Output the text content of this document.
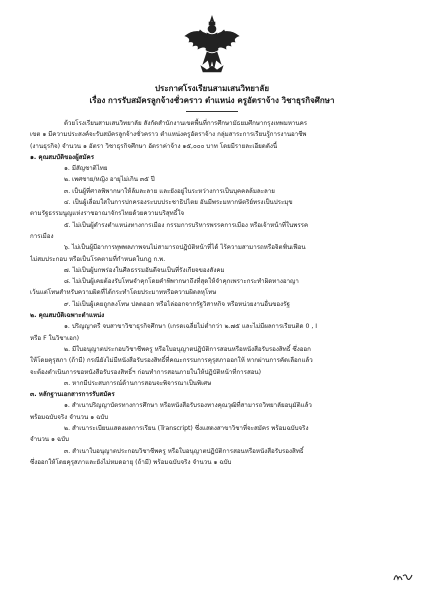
ประกาศโรงเรียนสามเสนวิทยาลัย
เรื่อง การรับสมัครลูกจ้างชั่วคราว ตำแหน่ง ครูอัตราจ้าง วิชาธุรกิจศึกษา
ด้วยโรงเรียนสามเสนวิทยาลัย สังกัดสำนักงานเขตพื้นที่การศึกษามัธยมศึกษากรุงเทพมหานคร
เขต ๑ มีความประสงค์จะรับสมัครลูกจ้างชั่วคราว ตำแหน่งครูอัตราจ้าง กลุ่มสาระการเรียนรู้การงานอาชีพ
(งานธุรกิจ) จำนวน ๑ อัตรา วิชาธุรกิจศึกษา อัตราค่าจ้าง ๑๕,๐๐๐ บาท โดยมีรายละเอียดดังนี้
๑. คุณสมบัติของผู้สมัคร
๑. มีสัญชาติไทย
๒. เพศชาย/หญิง อายุไม่เกิน ๓๕ ปี
๓. เป็นผู้ที่ศาลพิพากษาให้ล้มละลาย และยังอยู่ในระหว่างการเป็นบุคคลล้มละลาย
๔. เป็นผู้เลื่อมใสในการปกครองระบบประชาธิปไตย อันมีพระมหากษัตริย์ทรงเป็นประมุข
ตามรัฐธรรมนูญแห่งราชอาณาจักรไทยด้วยความบริสุทธิ์ใจ
๕. ไม่เป็นผู้ดำรงตำแหน่งทางการเมือง กรรมการบริหารพรรคการเมือง หรือเจ้าหน้าที่ในพรรค
การเมือง
๖. ไม่เป็นผู้มีอาการทุพพลภาพจนไม่สามารถปฏิบัติหน้าที่ได้ ไร้ความสามารถหรือจิตฟั่นเฟือน
ไม่สมประกอบ หรือเป็นโรคตามที่กำหนดในกฎ ก.พ.
๗. ไม่เป็นผู้บกพร่องในศีลธรรมอันดีจนเป็นที่รังเกียจของสังคม
๘. ไม่เป็นผู้เคยต้องรับโทษจำคุกโดยคำพิพากษาถึงที่สุดให้จำคุกเพราะกระทำผิดทางอาญา
เว้นแต่โทษสำหรับความผิดที่ได้กระทำโดยประมาทหรือความผิดลหุโทษ
๙. ไม่เป็นผู้เคยถูกลงโทษ ปลดออก หรือไล่ออกจากรัฐวิสาหกิจ หรือหน่วยงานอื่นของรัฐ
๒. คุณสมบัติเฉพาะตำแหน่ง
๑. ปริญญาตรี จบสาขาวิชาธุรกิจศึกษา (เกรดเฉลี่ยไม่ต่ำกว่า ๒.๗๕ และไม่มีผลการเรียนติด 0 , I
หรือ F ในวิชาเอก)
๒. มีใบอนุญาตประกอบวิชาชีพครู หรือใบอนุญาตปฏิบัติการสอนหรือหนังสือรับรองสิทธิ์ ซึ่งออก
ให้โดยคุรุสภา (ถ้ามี) กรณียังไม่มีหนังสือรับรองสิทธิ์ที่คณะกรรมการคุรุสภาออกให้ หากผ่านการคัดเลือกแล้ว
จะต้องดำเนินการขอหนังสือรับรองสิทธิ์ฯ ก่อนทำการสอนภายในให้ปฏิบัติหน้าที่การสอน)
๓. หากมีประสบการณ์ด้านการสอนจะพิจารณาเป็นพิเศษ
๓. หลักฐานเอกสารการรับสมัคร
๑. สำเนาปริญญาบัตรทางการศึกษา หรือหนังสือรับรองทางคุณวุฒิที่สามารถวิทยาลัยอนุมัติแล้ว
พร้อมฉบับจริง จำนวน ๑ ฉบับ
๒. สำเนาระเบียนแสดงผลการเรียน (Transcript) ซึ่งแสดงสาขาวิชาที่จะสมัคร พร้อมฉบับจริง
จำนวน ๑ ฉบับ
๓. สำเนาใบอนุญาตประกอบวิชาชีพครู หรือใบอนุญาตปฏิบัติการสอนหรือหนังสือรับรองสิทธิ์
ซึ่งออกให้โดยคุรุสภาและยังไม่หมดอายุ (ถ้ามี) พร้อมฉบับจริง จำนวน ๑ ฉบับ
